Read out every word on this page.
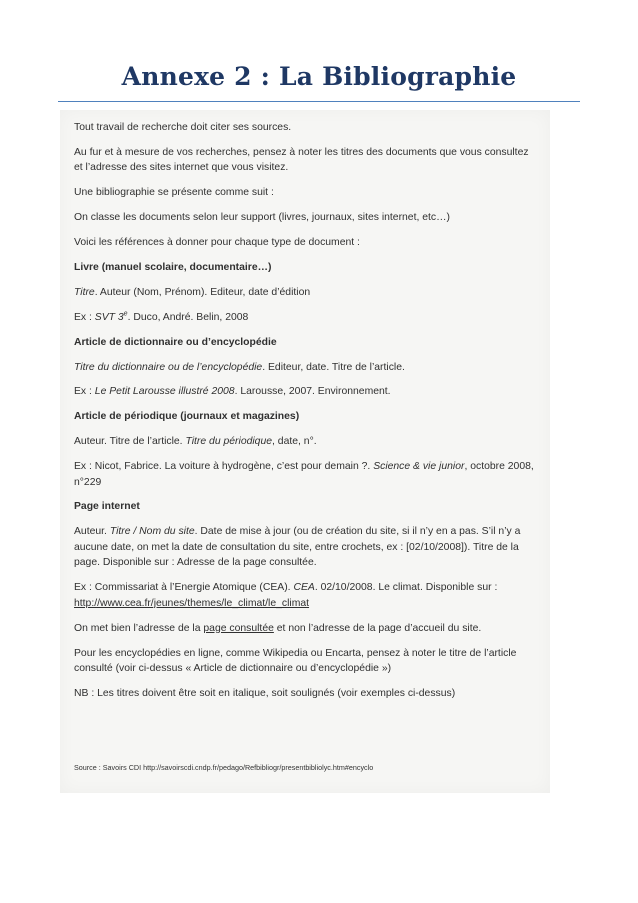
Annexe 2 : La Bibliographie

Tout travail de recherche doit citer ses sources.

Au fur et à mesure de vos recherches, pensez à noter les titres des documents que vous consultez et l’adresse des sites internet que vous visitez.

Une bibliographie se présente comme suit :

On classe les documents selon leur support (livres, journaux, sites internet, etc…)

Voici les références à donner pour chaque type de document :

Livre (manuel scolaire, documentaire…)

Titre. Auteur (Nom, Prénom). Editeur, date d’édition

Ex : SVT 3e. Duco, André. Belin, 2008

Article de dictionnaire ou d’encyclopédie

Titre du dictionnaire ou de l’encyclopédie. Editeur, date. Titre de l’article.

Ex : Le Petit Larousse illustré 2008. Larousse, 2007. Environnement.

Article de périodique (journaux et magazines)

Auteur. Titre de l’article. Titre du périodique, date, n°.

Ex : Nicot, Fabrice. La voiture à hydrogène, c’est pour demain ?. Science & vie junior, octobre 2008, n°229

Page internet

Auteur. Titre / Nom du site. Date de mise à jour (ou de création du site, si il n’y en a pas. S’il n’y a aucune date, on met la date de consultation du site, entre crochets, ex : [02/10/2008]). Titre de la page. Disponible sur : Adresse de la page consultée.

Ex : Commissariat à l’Energie Atomique (CEA). CEA. 02/10/2008. Le climat. Disponible sur :
http://www.cea.fr/jeunes/themes/le_climat/le_climat

On met bien l’adresse de la page consultée et non l’adresse de la page d’accueil du site.

Pour les encyclopédies en ligne, comme Wikipedia ou Encarta, pensez à noter le titre de l’article consulté (voir ci-dessus « Article de dictionnaire ou d’encyclopédie »)

NB : Les titres doivent être soit en italique, soit soulignés (voir exemples ci-dessus)

Source : Savoirs CDI http://savoirscdi.cndp.fr/pedago/Refbibliogr/presentbibliolyc.htm#encyclo
